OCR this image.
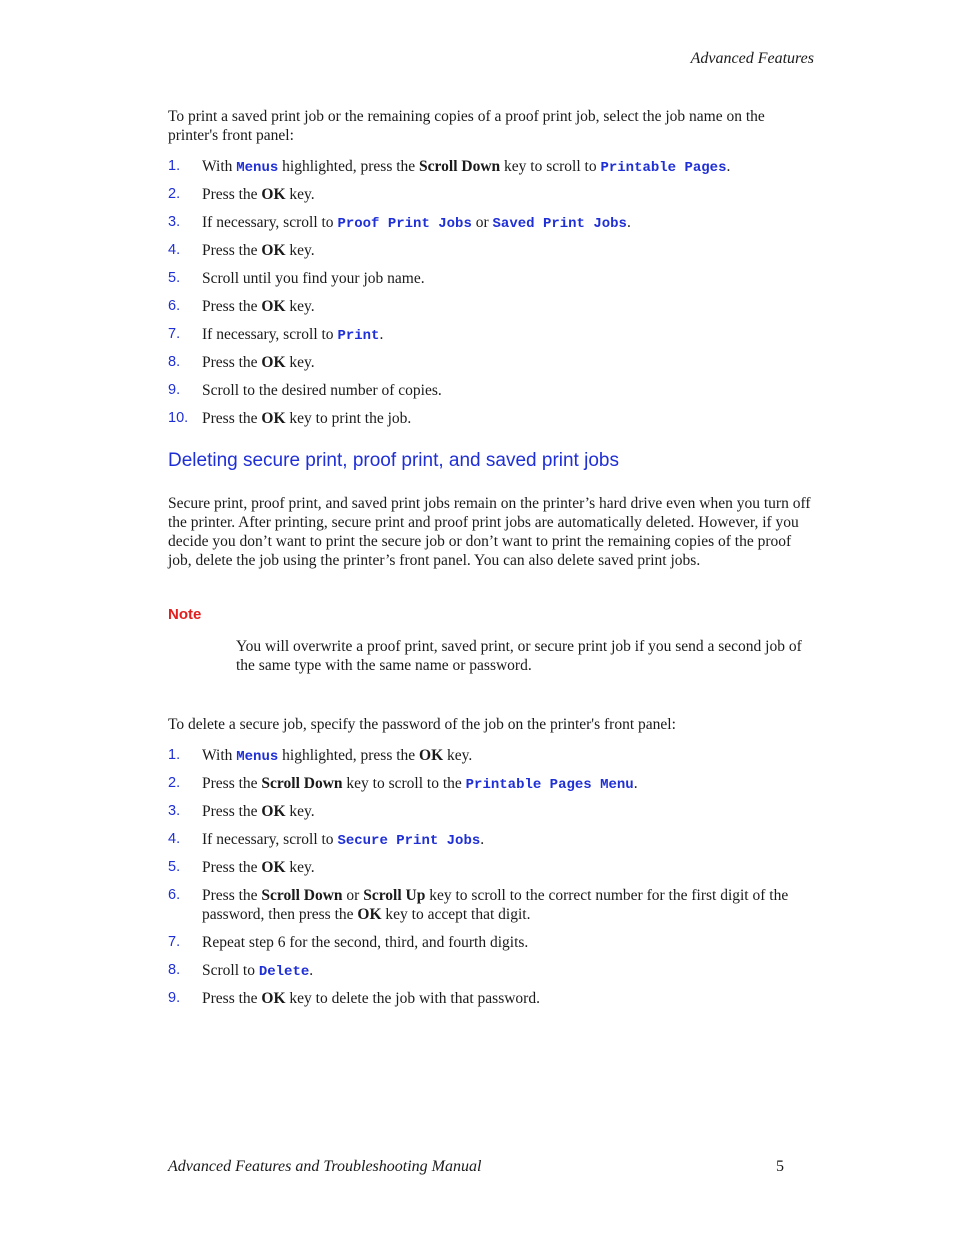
Advanced Features
To print a saved print job or the remaining copies of a proof print job, select the job name on the printer's front panel:
1.	With Menus highlighted, press the Scroll Down key to scroll to Printable Pages.
2.	Press the OK key.
3.	If necessary, scroll to Proof Print Jobs or Saved Print Jobs.
4.	Press the OK key.
5.	Scroll until you find your job name.
6.	Press the OK key.
7.	If necessary, scroll to Print.
8.	Press the OK key.
9.	Scroll to the desired number of copies.
10. Press the OK key to print the job.
Deleting secure print, proof print, and saved print jobs
Secure print, proof print, and saved print jobs remain on the printer’s hard drive even when you turn off the printer. After printing, secure print and proof print jobs are automatically deleted. However, if you decide you don’t want to print the secure job or don’t want to print the remaining copies of the proof job, delete the job using the printer’s front panel. You can also delete saved print jobs.
Note
You will overwrite a proof print, saved print, or secure print job if you send a second job of the same type with the same name or password.
To delete a secure job, specify the password of the job on the printer's front panel:
1.	With Menus highlighted, press the OK key.
2.	Press the Scroll Down key to scroll to the Printable Pages Menu.
3.	Press the OK key.
4.	If necessary, scroll to Secure Print Jobs.
5.	Press the OK key.
6.	Press the Scroll Down or Scroll Up key to scroll to the correct number for the first digit of the password, then press the OK key to accept that digit.
7.	Repeat step 6 for the second, third, and fourth digits.
8.	Scroll to Delete.
9.	Press the OK key to delete the job with that password.
Advanced Features and Troubleshooting Manual	5
